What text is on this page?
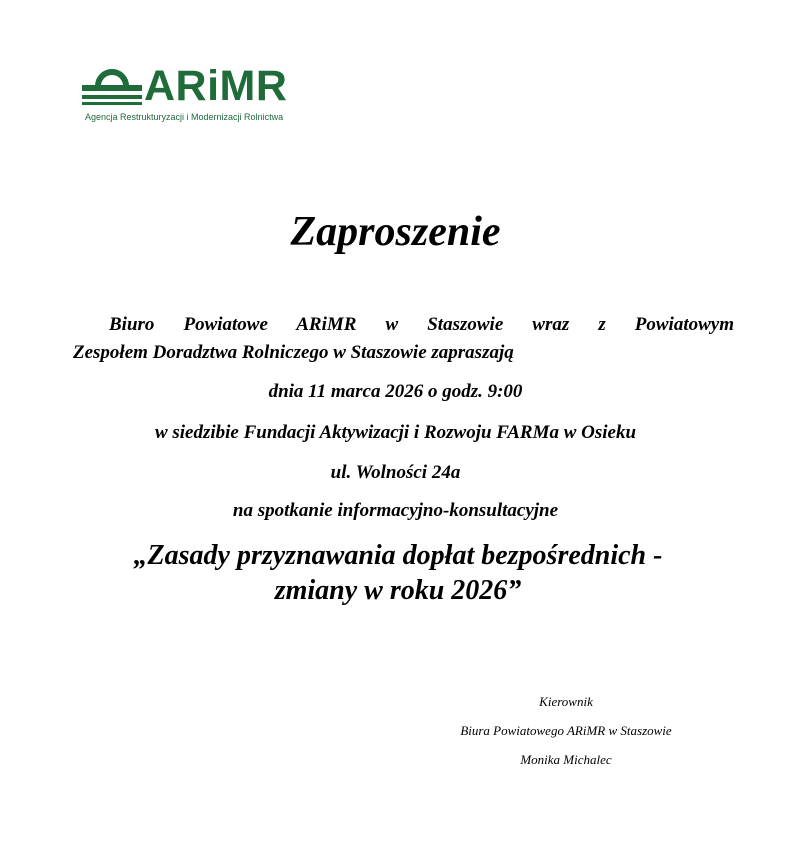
ARiMR
Agencja Restrukturyzacji i Modernizacji Rolnictwa
Zaproszenie

Biuro Powiatowe ARiMR w Staszowie wraz z Powiatowym
Zespołem Doradztwa Rolniczego w Staszowie zapraszają

dnia 11 marca 2026 o godz. 9:00

w siedzibie Fundacji Aktywizacji i Rozwoju FARMa w Osieku

ul. Wolności 24a

na spotkanie informacyjno-konsultacyjne

„Zasady przyznawania dopłat bezpośrednich -
zmiany w roku 2026”

Kierownik

Biura Powiatowego ARiMR w Staszowie

Monika Michalec
